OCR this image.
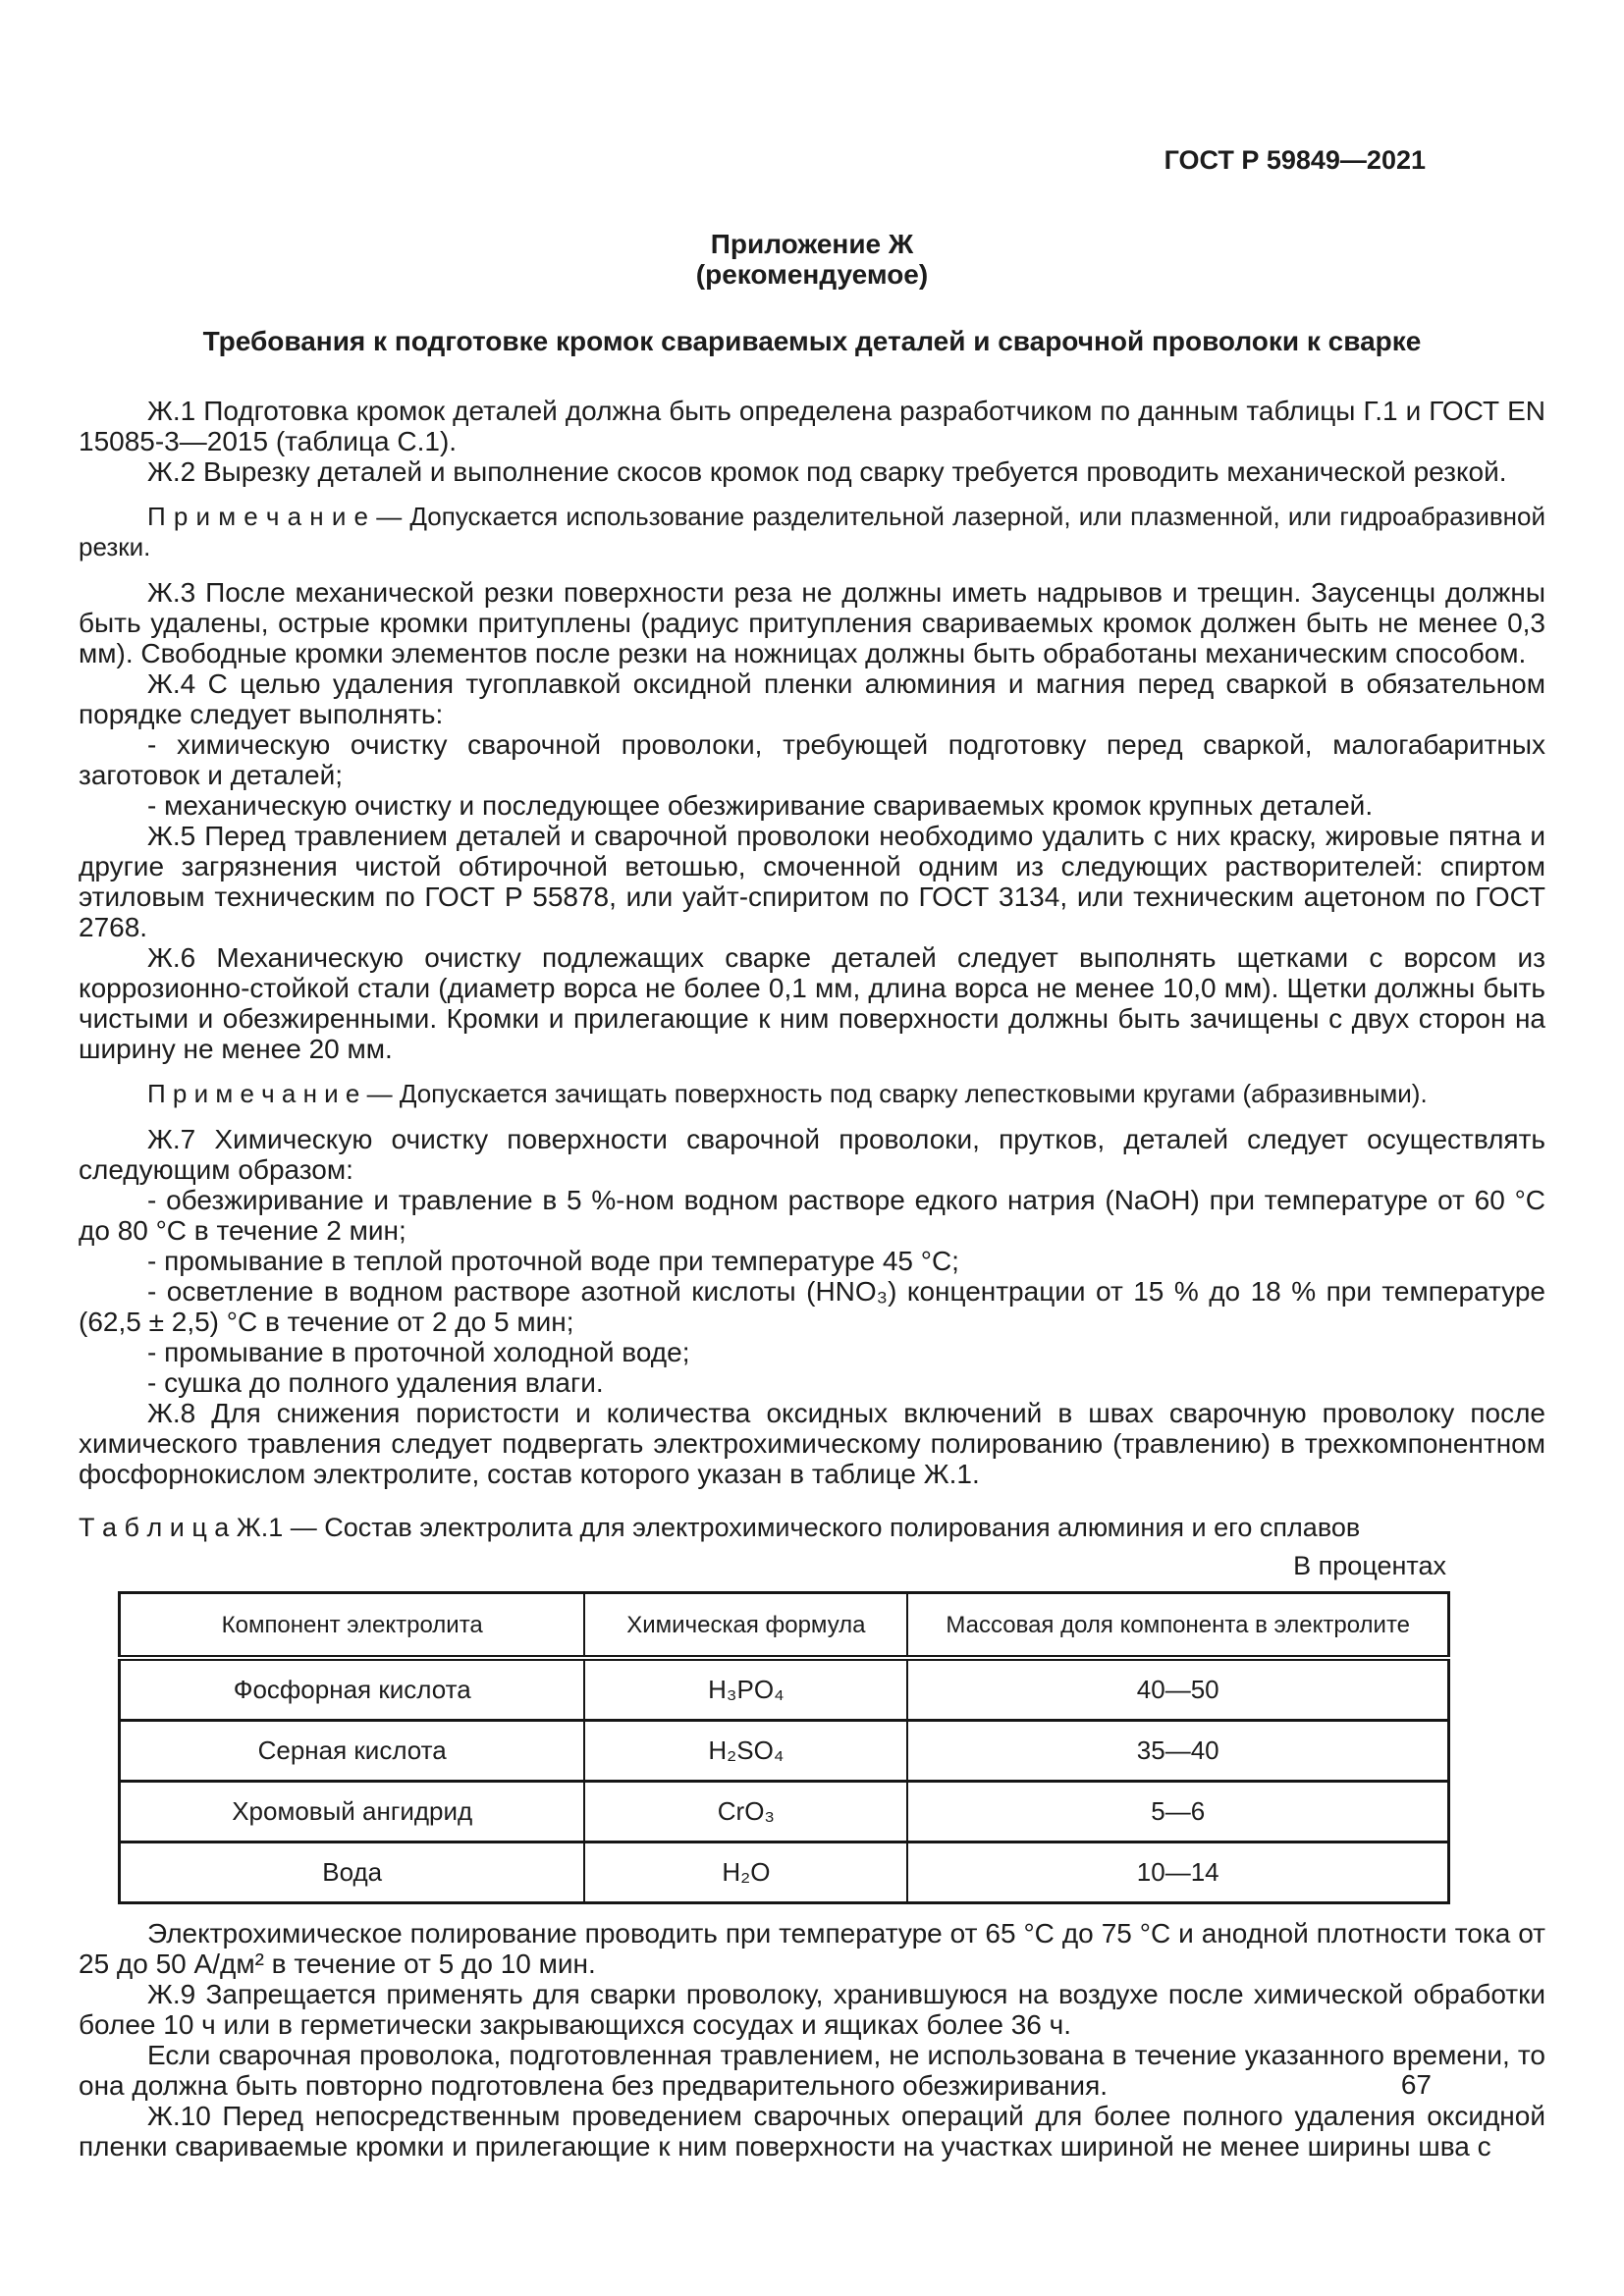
ГОСТ Р 59849—2021
Приложение Ж
(рекомендуемое)
Требования к подготовке кромок свариваемых деталей и сварочной проволоки к сварке

Ж.1 Подготовка кромок деталей должна быть определена разработчиком по данным таблицы Г.1 и ГОСТ EN 15085-3—2015 (таблица С.1).

Ж.2 Вырезку деталей и выполнение скосов кромок под сварку требуется проводить механической резкой.

П р и м е ч а н и е — Допускается использование разделительной лазерной, или плазменной, или гидроабразивной резки.

Ж.3 После механической резки поверхности реза не должны иметь надрывов и трещин. Заусенцы должны быть удалены, острые кромки притуплены (радиус притупления свариваемых кромок должен быть не менее 0,3 мм). Свободные кромки элементов после резки на ножницах должны быть обработаны механическим способом.

Ж.4 С целью удаления тугоплавкой оксидной пленки алюминия и магния перед сваркой в обязательном порядке следует выполнять:

- химическую очистку сварочной проволоки, требующей подготовку перед сваркой, малогабаритных заготовок и деталей;

- механическую очистку и последующее обезжиривание свариваемых кромок крупных деталей.

Ж.5 Перед травлением деталей и сварочной проволоки необходимо удалить с них краску, жировые пятна и другие загрязнения чистой обтирочной ветошью, смоченной одним из следующих растворителей: спиртом этиловым техническим по ГОСТ Р 55878, или уайт-спиритом по ГОСТ 3134, или техническим ацетоном по ГОСТ 2768.

Ж.6 Механическую очистку подлежащих сварке деталей следует выполнять щетками с ворсом из коррозионно-стойкой стали (диаметр ворса не более 0,1 мм, длина ворса не менее 10,0 мм). Щетки должны быть чистыми и обезжиренными. Кромки и прилегающие к ним поверхности должны быть зачищены с двух сторон на ширину не менее 20 мм.

П р и м е ч а н и е — Допускается зачищать поверхность под сварку лепестковыми кругами (абразивными).

Ж.7 Химическую очистку поверхности сварочной проволоки, прутков, деталей следует осуществлять следующим образом:

- обезжиривание и травление в 5 %-ном водном растворе едкого натрия (NaOH) при температуре от 60 °С до 80 °С в течение 2 мин;

- промывание в теплой проточной воде при температуре 45 °С;

- осветление в водном растворе азотной кислоты (HNO₃) концентрации от 15 % до 18 % при температуре (62,5 ± 2,5) °С в течение от 2 до 5 мин;

- промывание в проточной холодной воде;

- сушка до полного удаления влаги.

Ж.8 Для снижения пористости и количества оксидных включений в швах сварочную проволоку после химического травления следует подвергать электрохимическому полированию (травлению) в трехкомпонентном фосфорнокислом электролите, состав которого указан в таблице Ж.1.

Т а б л и ц а Ж.1 — Состав электролита для электрохимического полирования алюминия и его сплавов

В процентах
Компонент электролита	Химическая формула	Массовая доля компонента в электролите
Фосфорная кислота	H₃PO₄	40—50
Серная кислота	H₂SO₄	35—40
Хромовый ангидрид	CrO₃	5—6
Вода	H₂O	10—14

Электрохимическое полирование проводить при температуре от 65 °С до 75 °С и анодной плотности тока от 25 до 50 А/дм² в течение от 5 до 10 мин.

Ж.9 Запрещается применять для сварки проволоку, хранившуюся на воздухе после химической обработки более 10 ч или в герметически закрывающихся сосудах и ящиках более 36 ч.

Если сварочная проволока, подготовленная травлением, не использована в течение указанного времени, то она должна быть повторно подготовлена без предварительного обезжиривания.

Ж.10 Перед непосредственным проведением сварочных операций для более полного удаления оксидной пленки свариваемые кромки и прилегающие к ним поверхности на участках шириной не менее ширины шва с

67
